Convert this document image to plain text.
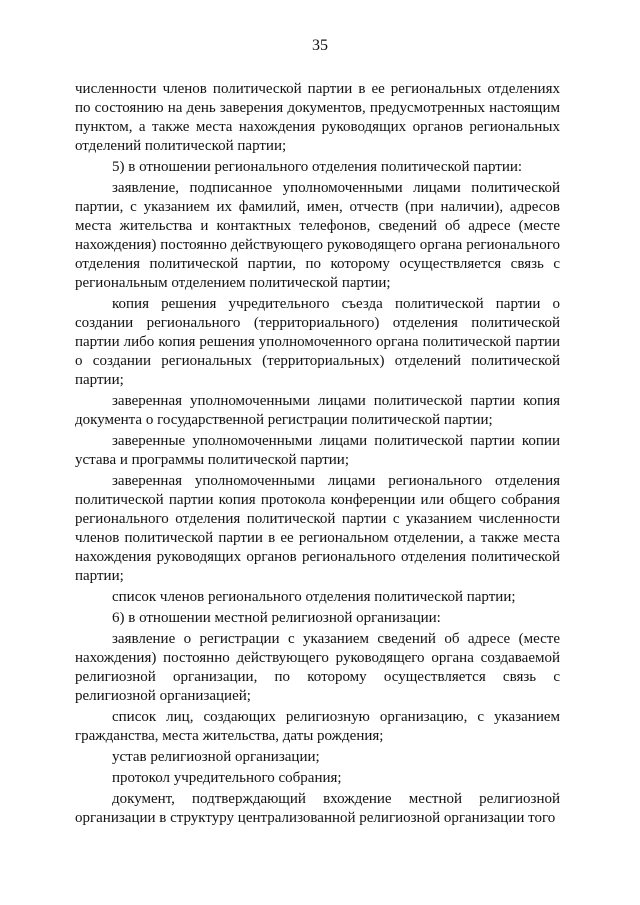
35

численности членов политической партии в ее региональных отделениях по состоянию на день заверения документов, предусмотренных настоящим пунктом, а также места нахождения руководящих органов региональных отделений политической партии;

5) в отношении регионального отделения политической партии:

заявление, подписанное уполномоченными лицами политической партии, с указанием их фамилий, имен, отчеств (при наличии), адресов места жительства и контактных телефонов, сведений об адресе (месте нахождения) постоянно действующего руководящего органа регионального отделения политической партии, по которому осуществляется связь с региональным отделением политической партии;

копия решения учредительного съезда политической партии о создании регионального (территориального) отделения политической партии либо копия решения уполномоченного органа политической партии о создании региональных (территориальных) отделений политической партии;

заверенная уполномоченными лицами политической партии копия документа о государственной регистрации политической партии;

заверенные уполномоченными лицами политической партии копии устава и программы политической партии;

заверенная уполномоченными лицами регионального отделения политической партии копия протокола конференции или общего собрания регионального отделения политической партии с указанием численности членов политической партии в ее региональном отделении, а также места нахождения руководящих органов регионального отделения политической партии;

список членов регионального отделения политической партии;

6) в отношении местной религиозной организации:

заявление о регистрации с указанием сведений об адресе (месте нахождения) постоянно действующего руководящего органа создаваемой религиозной организации, по которому осуществляется связь с религиозной организацией;

список лиц, создающих религиозную организацию, с указанием гражданства, места жительства, даты рождения;

устав религиозной организации;

протокол учредительного собрания;

документ, подтверждающий вхождение местной религиозной организации в структуру централизованной религиозной организации того
